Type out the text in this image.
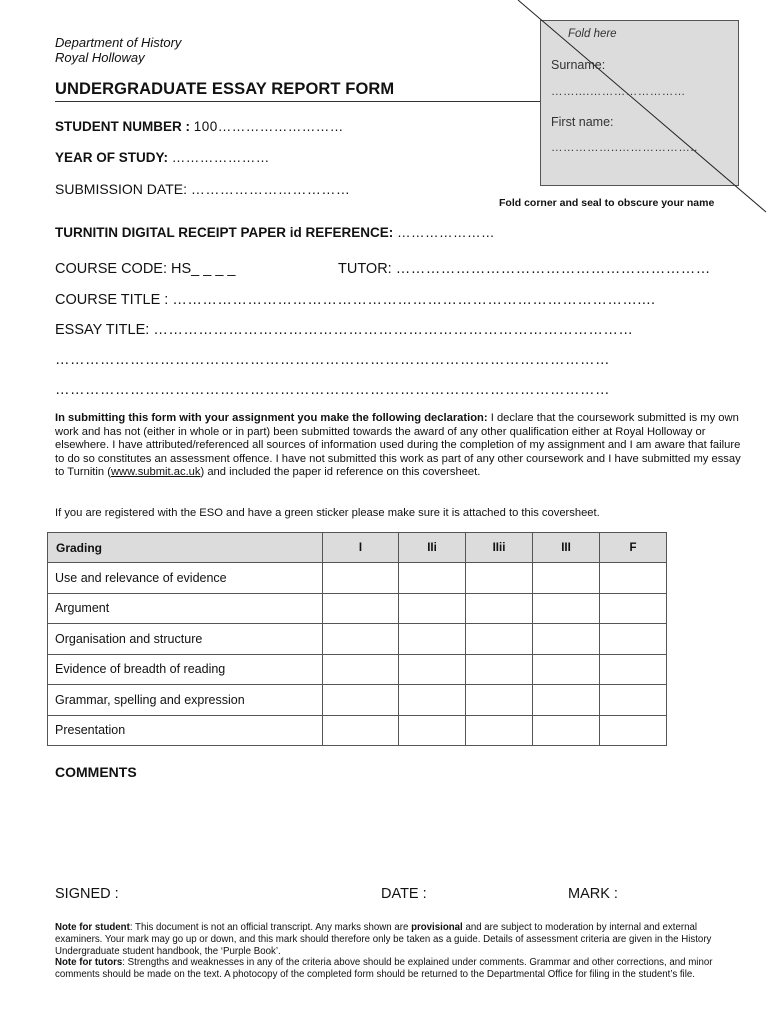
Department of History
Royal Holloway
UNDERGRADUATE ESSAY REPORT FORM
Fold here
Surname:
……....……………………
First name:
……………..………………..
Fold corner and seal to obscure your name
STUDENT NUMBER : 100………………………
YEAR OF STUDY: …………………
SUBMISSION DATE: ……………………………
TURNITIN DIGITAL RECEIPT PAPER id REFERENCE: …………………
COURSE CODE: HS_ _ _ _	TUTOR: ………………………………………………………
COURSE TITLE : …………………………………………………………………………………....
ESSAY TITLE: ……………………………………………………………………………………
…………………………………………………………………………………………………
…………………………………………………………………………………………………
In submitting this form with your assignment you make the following declaration: I declare that the coursework submitted is my own work and has not (either in whole or in part) been submitted towards the award of any other qualification either at Royal Holloway or elsewhere. I have attributed/referenced all sources of information used during the completion of my assignment and I am aware that failure to do so constitutes an assessment offence. I have not submitted this work as part of any other coursework and I have submitted my essay to Turnitin (www.submit.ac.uk) and included the paper id reference on this coversheet.
If you are registered with the ESO and have a green sticker please make sure it is attached to this coversheet.
Grading	I	IIi	IIii	III	F
Use and relevance of evidence					
Argument					
Organisation and structure					
Evidence of breadth of reading					
Grammar, spelling and expression					
Presentation					
COMMENTS
SIGNED :	DATE :	MARK :
Note for student: This document is not an official transcript. Any marks shown are provisional and are subject to moderation by internal and external examiners. Your mark may go up or down, and this mark should therefore only be taken as a guide. Details of assessment criteria are given in the History Undergraduate student handbook, the ‘Purple Book’.
Note for tutors: Strengths and weaknesses in any of the criteria above should be explained under comments. Grammar and other corrections, and minor comments should be made on the text. A photocopy of the completed form should be returned to the Departmental Office for filing in the student’s file.
